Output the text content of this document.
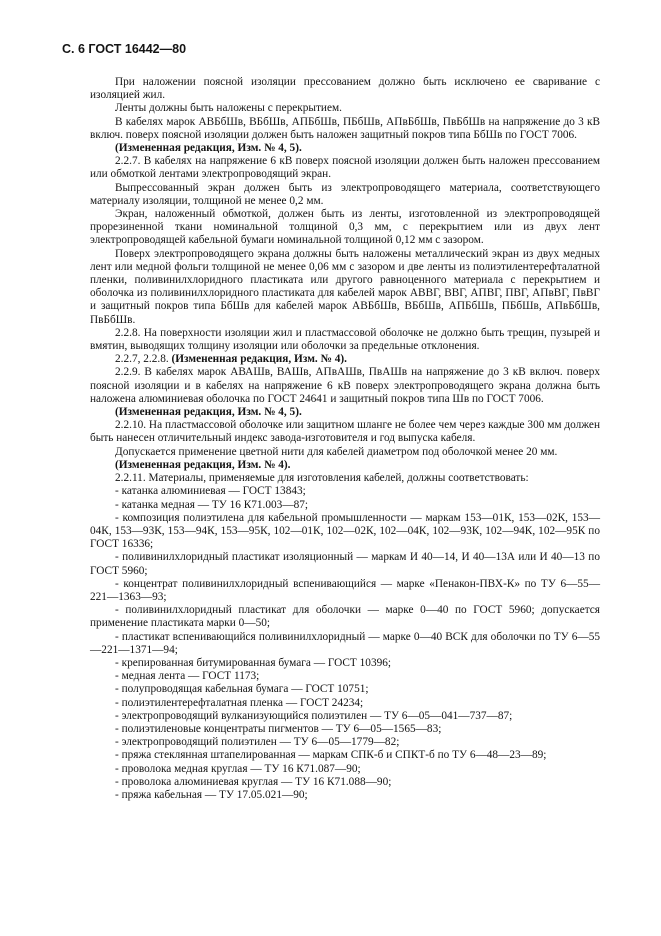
С. 6 ГОСТ 16442—80

При наложении поясной изоляции прессованием должно быть исключено ее сваривание с изоляцией жил.

Ленты должны быть наложены с перекрытием.

В кабелях марок АВБбШв, ВБбШв, АПБбШв, ПБбШв, АПвБбШв, ПвБбШв на напряжение до 3 кВ включ. поверх поясной изоляции должен быть наложен защитный покров типа БбШв по ГОСТ 7006.

(Измененная редакция, Изм. № 4, 5).

2.2.7. В кабелях на напряжение 6 кВ поверх поясной изоляции должен быть наложен прессованием или обмоткой лентами электропроводящий экран.

Выпрессованный экран должен быть из электропроводящего материала, соответствующего материалу изоляции, толщиной не менее 0,2 мм.

Экран, наложенный обмоткой, должен быть из ленты, изготовленной из электропроводящей прорезиненной ткани номинальной толщиной 0,3 мм, с перекрытием или из двух лент электропроводящей кабельной бумаги номинальной толщиной 0,12 мм с зазором.

Поверх электропроводящего экрана должны быть наложены металлический экран из двух медных лент или медной фольги толщиной не менее 0,06 мм с зазором и две ленты из полиэтилентерефталатной пленки, поливинилхлоридного пластиката или другого равноценного материала с перекрытием и оболочка из поливинилхлоридного пластиката для кабелей марок АВВГ, ВВГ, АПВГ, ПВГ, АПвВГ, ПвВГ и защитный покров типа БбШв для кабелей марок АВБбШв, ВБбШв, АПБбШв, ПБбШв, АПвБбШв, ПвБбШв.

2.2.8. На поверхности изоляции жил и пластмассовой оболочке не должно быть трещин, пузырей и вмятин, выводящих толщину изоляции или оболочки за предельные отклонения.

2.2.7, 2.2.8. (Измененная редакция, Изм. № 4).

2.2.9. В кабелях марок АВАШв, ВАШв, АПвАШв, ПвАШв на напряжение до 3 кВ включ. поверх поясной изоляции и в кабелях на напряжение 6 кВ поверх электропроводящего экрана должна быть наложена алюминиевая оболочка по ГОСТ 24641 и защитный покров типа Шв по ГОСТ 7006.

(Измененная редакция, Изм. № 4, 5).

2.2.10. На пластмассовой оболочке или защитном шланге не более чем через каждые 300 мм должен быть нанесен отличительный индекс завода-изготовителя и год выпуска кабеля.

Допускается применение цветной нити для кабелей диаметром под оболочкой менее 20 мм.

(Измененная редакция, Изм. № 4).

2.2.11. Материалы, применяемые для изготовления кабелей, должны соответствовать:

- катанка алюминиевая — ГОСТ 13843;

- катанка медная — ТУ 16 К71.003—87;

- композиция полиэтилена для кабельной промышленности — маркам 153—01К, 153—02К, 153—04К, 153—93К, 153—94К, 153—95К, 102—01К, 102—02К, 102—04К, 102—93К, 102—94К, 102—95К по ГОСТ 16336;

- поливинилхлоридный пластикат изоляционный — маркам И 40—14, И 40—13А или И 40—13 по ГОСТ 5960;

- концентрат поливинилхлоридный вспенивающийся — марке «Пенакон-ПВХ-К» по ТУ 6—55—221—1363—93;

- поливинилхлоридный пластикат для оболочки — марке 0—40 по ГОСТ 5960; допускается применение пластиката марки 0—50;

- пластикат вспенивающийся поливинилхлоридный — марке 0—40 ВСК для оболочки по ТУ 6—55—221—1371—94;

- крепированная битумированная бумага — ГОСТ 10396;

- медная лента — ГОСТ 1173;

- полупроводящая кабельная бумага — ГОСТ 10751;

- полиэтилентерефталатная пленка — ГОСТ 24234;

- электропроводящий вулканизующийся полиэтилен — ТУ 6—05—041—737—87;

- полиэтиленовые концентраты пигментов — ТУ 6—05—1565—83;

- электропроводящий полиэтилен — ТУ 6—05—1779—82;

- пряжа стеклянная штапелированная — маркам СПК-б и СПКТ-б по ТУ 6—48—23—89;

- проволока медная круглая — ТУ 16 К71.087—90;

- проволока алюминиевая круглая — ТУ 16 К71.088—90;

- пряжа кабельная — ТУ 17.05.021—90;
